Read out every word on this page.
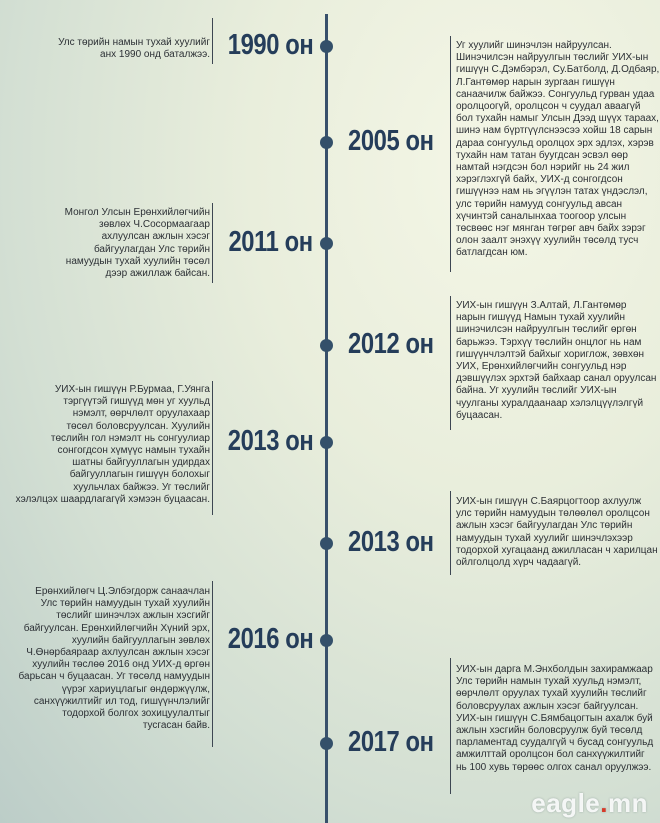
1990 он
Улс төрийн намын тухай хуулийг
анх 1990 онд баталжээ.
2005 он
Уг хуулийг шинэчлэн найруулсан.
Шинэчилсэн найруулгын төслийг УИХ-ын
гишүүн С.Дэмбэрэл, Су.Батболд, Д.Одбаяр,
Л.Гантөмөр нарын зургаан гишүүн
санаачилж байжээ. Сонгуульд гурван удаа
оролцоогүй, оролцсон ч суудал аваагүй
бол тухайн намыг Улсын Дээд шүүх тараах,
шинэ нам бүртгүүлснээсээ хойш 18 сарын
дараа сонгуульд оролцох эрх эдлэх, хэрэв
тухайн нам татан буугдсан эсвэл өөр
намтай нэгдсэн бол нэрийг нь 24 жил
хэрэглэхгүй байх, УИХ-д сонгогдсон
гишүүнээ нам нь эгүүлэн татах үндэслэл,
улс төрийн намууд сонгуульд авсан
хүчинтэй саналынхаа тоогоор улсын
төсвөөс нэг мянган төгрөг авч байх зэрэг
олон заалт энэхүү хуулийн төсөлд тусч
батлагдсан юм.
2011 он
Монгол Улсын Ерөнхийлөгчийн
зөвлөх Ч.Сосормаагаар
ахлуулсан ажлын хэсэг
байгуулагдан Улс төрийн
намуудын тухай хуулийн төсөл
дээр ажиллаж байсан.
2012 он
УИХ-ын гишүүн З.Алтай, Л.Гантөмөр
нарын гишүүд Намын тухай хуулийн
шинэчилсэн найруулгын төслийг өргөн
барьжээ. Тэрхүү төслийн онцлог нь нам
гишүүнчлэлтэй байхыг хориглож, зөвхөн
УИХ, Ерөнхийлөгчийн сонгуульд нэр
дэвшүүлэх эрхтэй байхаар санал оруулсан
байна. Уг хуулийн төслийг УИХ-ын
чуулганы хуралдаанаар хэлэлцүүлэлгүй
буцаасан.
2013 он
УИХ-ын гишүүн Р.Бурмаа, Г.Уянга
тэргүүтэй гишүүд мөн уг хуульд
нэмэлт, өөрчлөлт оруулахаар
төсөл боловсруулсан. Хуулийн
төслийн гол нэмэлт нь сонгуулиар
сонгогдсон хүмүүс намын тухайн
шатны байгууллагын удирдах
байгууллагын гишүүн болохыг
хуульчлах байжээ. Уг төслийг
хэлэлцэх шаардлагагүй хэмээн буцаасан.
2013 он
УИХ-ын гишүүн С.Баярцогтоор ахлуулж
улс төрийн намуудын төлөөлөл оролцсон
ажлын хэсэг байгуулагдан Улс төрийн
намуудын тухай хуулийг шинэчлэхээр
тодорхой хугацаанд ажилласан ч харилцан
ойлголцолд хүрч чадаагүй.
2016 он
Ерөнхийлөгч Ц.Элбэгдорж санаачлан
Улс төрийн намуудын тухай хуулийн
төслийг шинэчлэх ажлын хэсгийг
байгуулсан. Ерөнхийлөгчийн Хүний эрх,
хуулийн байгууллагын зөвлөх
Ч.Өнөрбаяраар ахлуулсан ажлын хэсэг
хуулийн төслөө 2016 онд УИХ-д өргөн
барьсан ч буцаасан. Уг төсөлд намуудын
үүрэг хариуцлагыг өндөржүүлж,
санхүүжилтийг ил тод, гишүүнчлэлийг
тодорхой болгох зохицуулалтыг
тусгасан байв.
2017 он
УИХ-ын дарга М.Энхболдын захирамжаар
Улс төрийн намын тухай хуульд нэмэлт,
өөрчлөлт оруулах тухай хуулийн төслийг
боловсруулах ажлын хэсэг байгуулсан.
УИХ-ын гишүүн С.Бямбацогтын ахалж буй
ажлын хэсгийн боловсруулж буй төсөлд
парламентад суудалгүй ч бусад сонгуульд
амжилттай оролцсон бол санхүүжилтийг
нь 100 хувь төрөөс олгох санал оруулжээ.
eagle.mn
